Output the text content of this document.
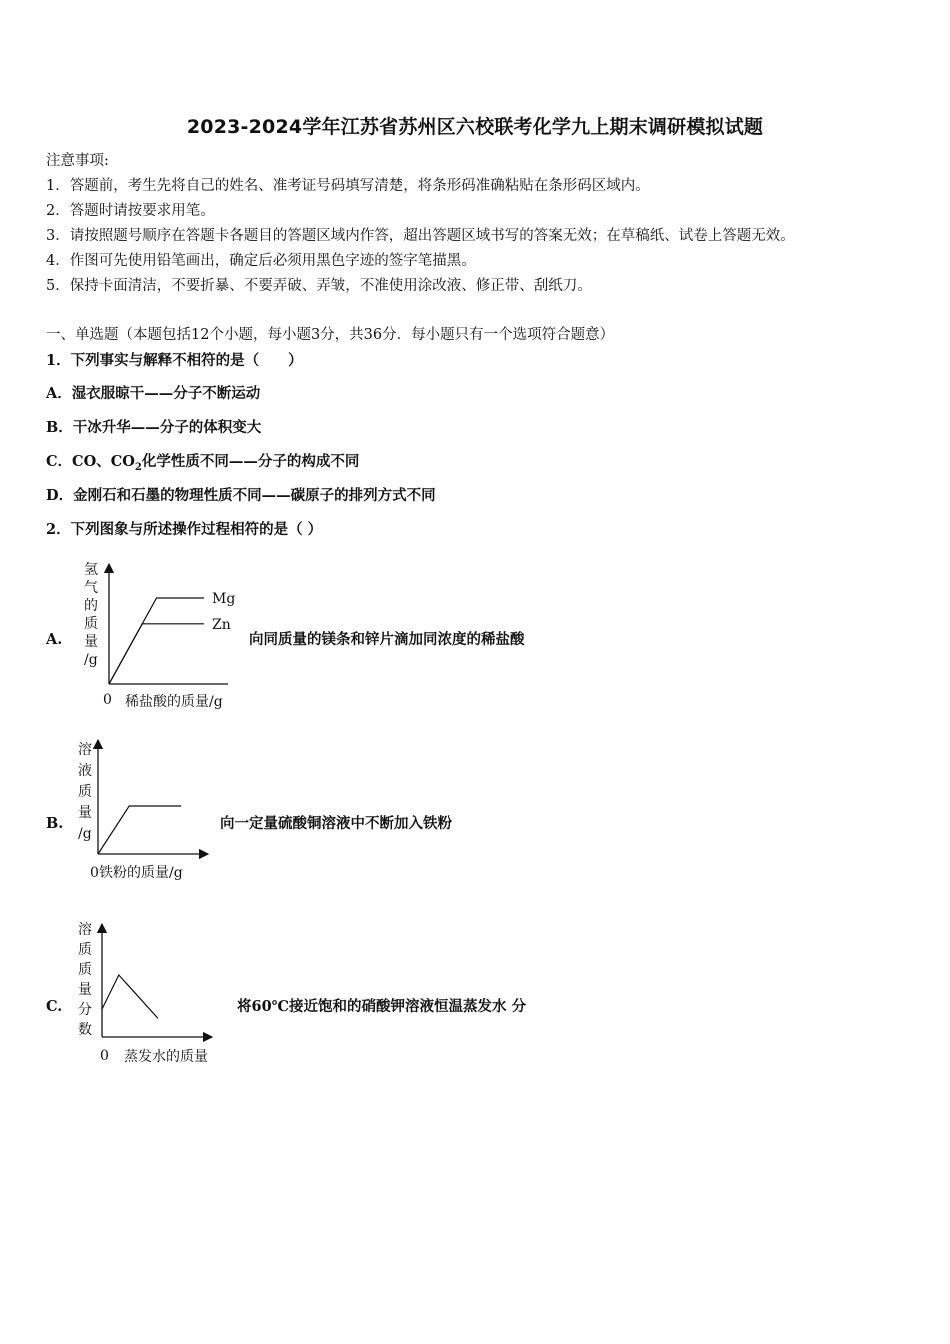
2023-2024学年江苏省苏州区六校联考化学九上期末调研模拟试题
注意事项:
1．答题前，考生先将自己的姓名、准考证号码填写清楚，将条形码准确粘贴在条形码区域内。
2．答题时请按要求用笔。
3．请按照题号顺序在答题卡各题目的答题区域内作答，超出答题区域书写的答案无效；在草稿纸、试卷上答题无效。
4．作图可先使用铅笔画出，确定后必须用黑色字迹的签字笔描黑。
5．保持卡面清洁，不要折暴、不要弄破、弄皱，不准使用涂改液、修正带、刮纸刀。
一、单选题（本题包括12个小题，每小题3分，共36分．每小题只有一个选项符合题意）
1．下列事实与解释不相符的是（　　）
A．湿衣服晾干——分子不断运动
B．干冰升华——分子的体积变大
C．CO、$CO_2$化学性质不同——分子的构成不同
D．金刚石和石墨的物理性质不同——碳原子的排列方式不同
2．下列图象与所述操作过程相符的是（ ）
A.
氢
气
的
质
量
/g
0 稀盐酸的质量/g
Mg
Zn
向同质量的镁条和锌片滴加同浓度的稀盐酸
B.
溶
液
质
量
/g
0 铁粉的质量/g
向一定量硫酸铜溶液中不断加入铁粉
C.
溶
质
质
量
分
数
0 蒸发水的质量
将60℃接近饱和的硝酸钾溶液恒温蒸发水 分
